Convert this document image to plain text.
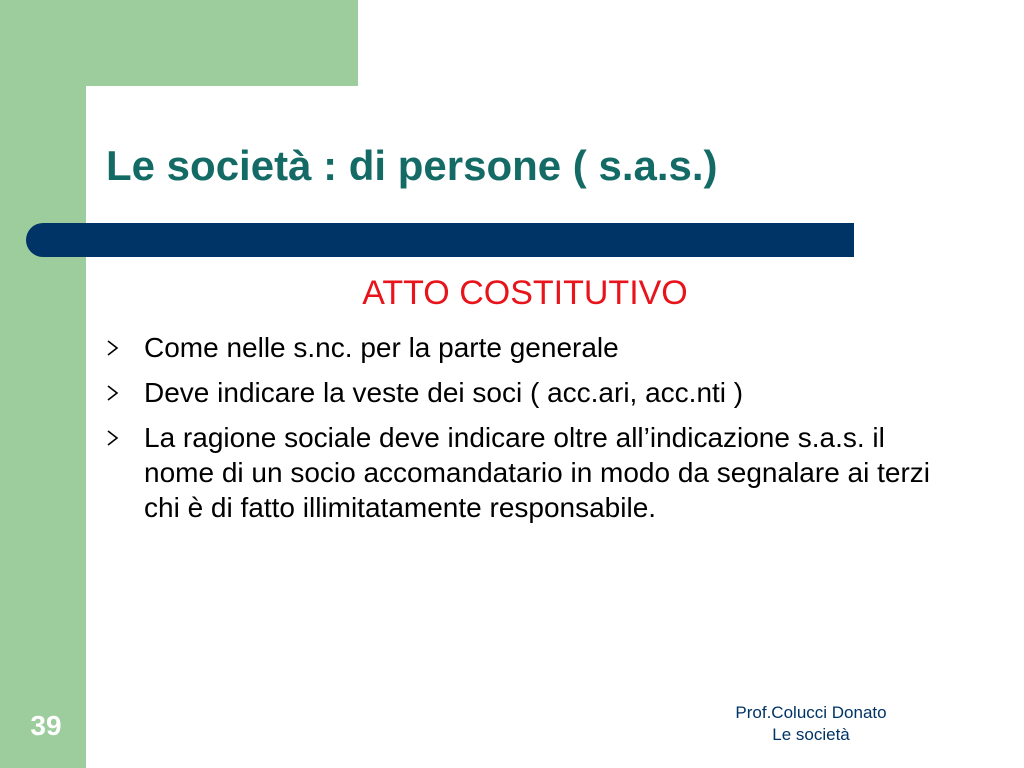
Le società : di persone ( s.a.s.)
ATTO COSTITUTIVO
Come nelle s.nc. per la parte generale
Deve indicare la veste dei soci ( acc.ari, acc.nti )
La ragione sociale deve indicare oltre all’indicazione s.a.s. il nome di un socio accomandatario in modo da segnalare ai terzi chi è di fatto illimitatamente responsabile.
39	Prof.Colucci Donato
Le società
